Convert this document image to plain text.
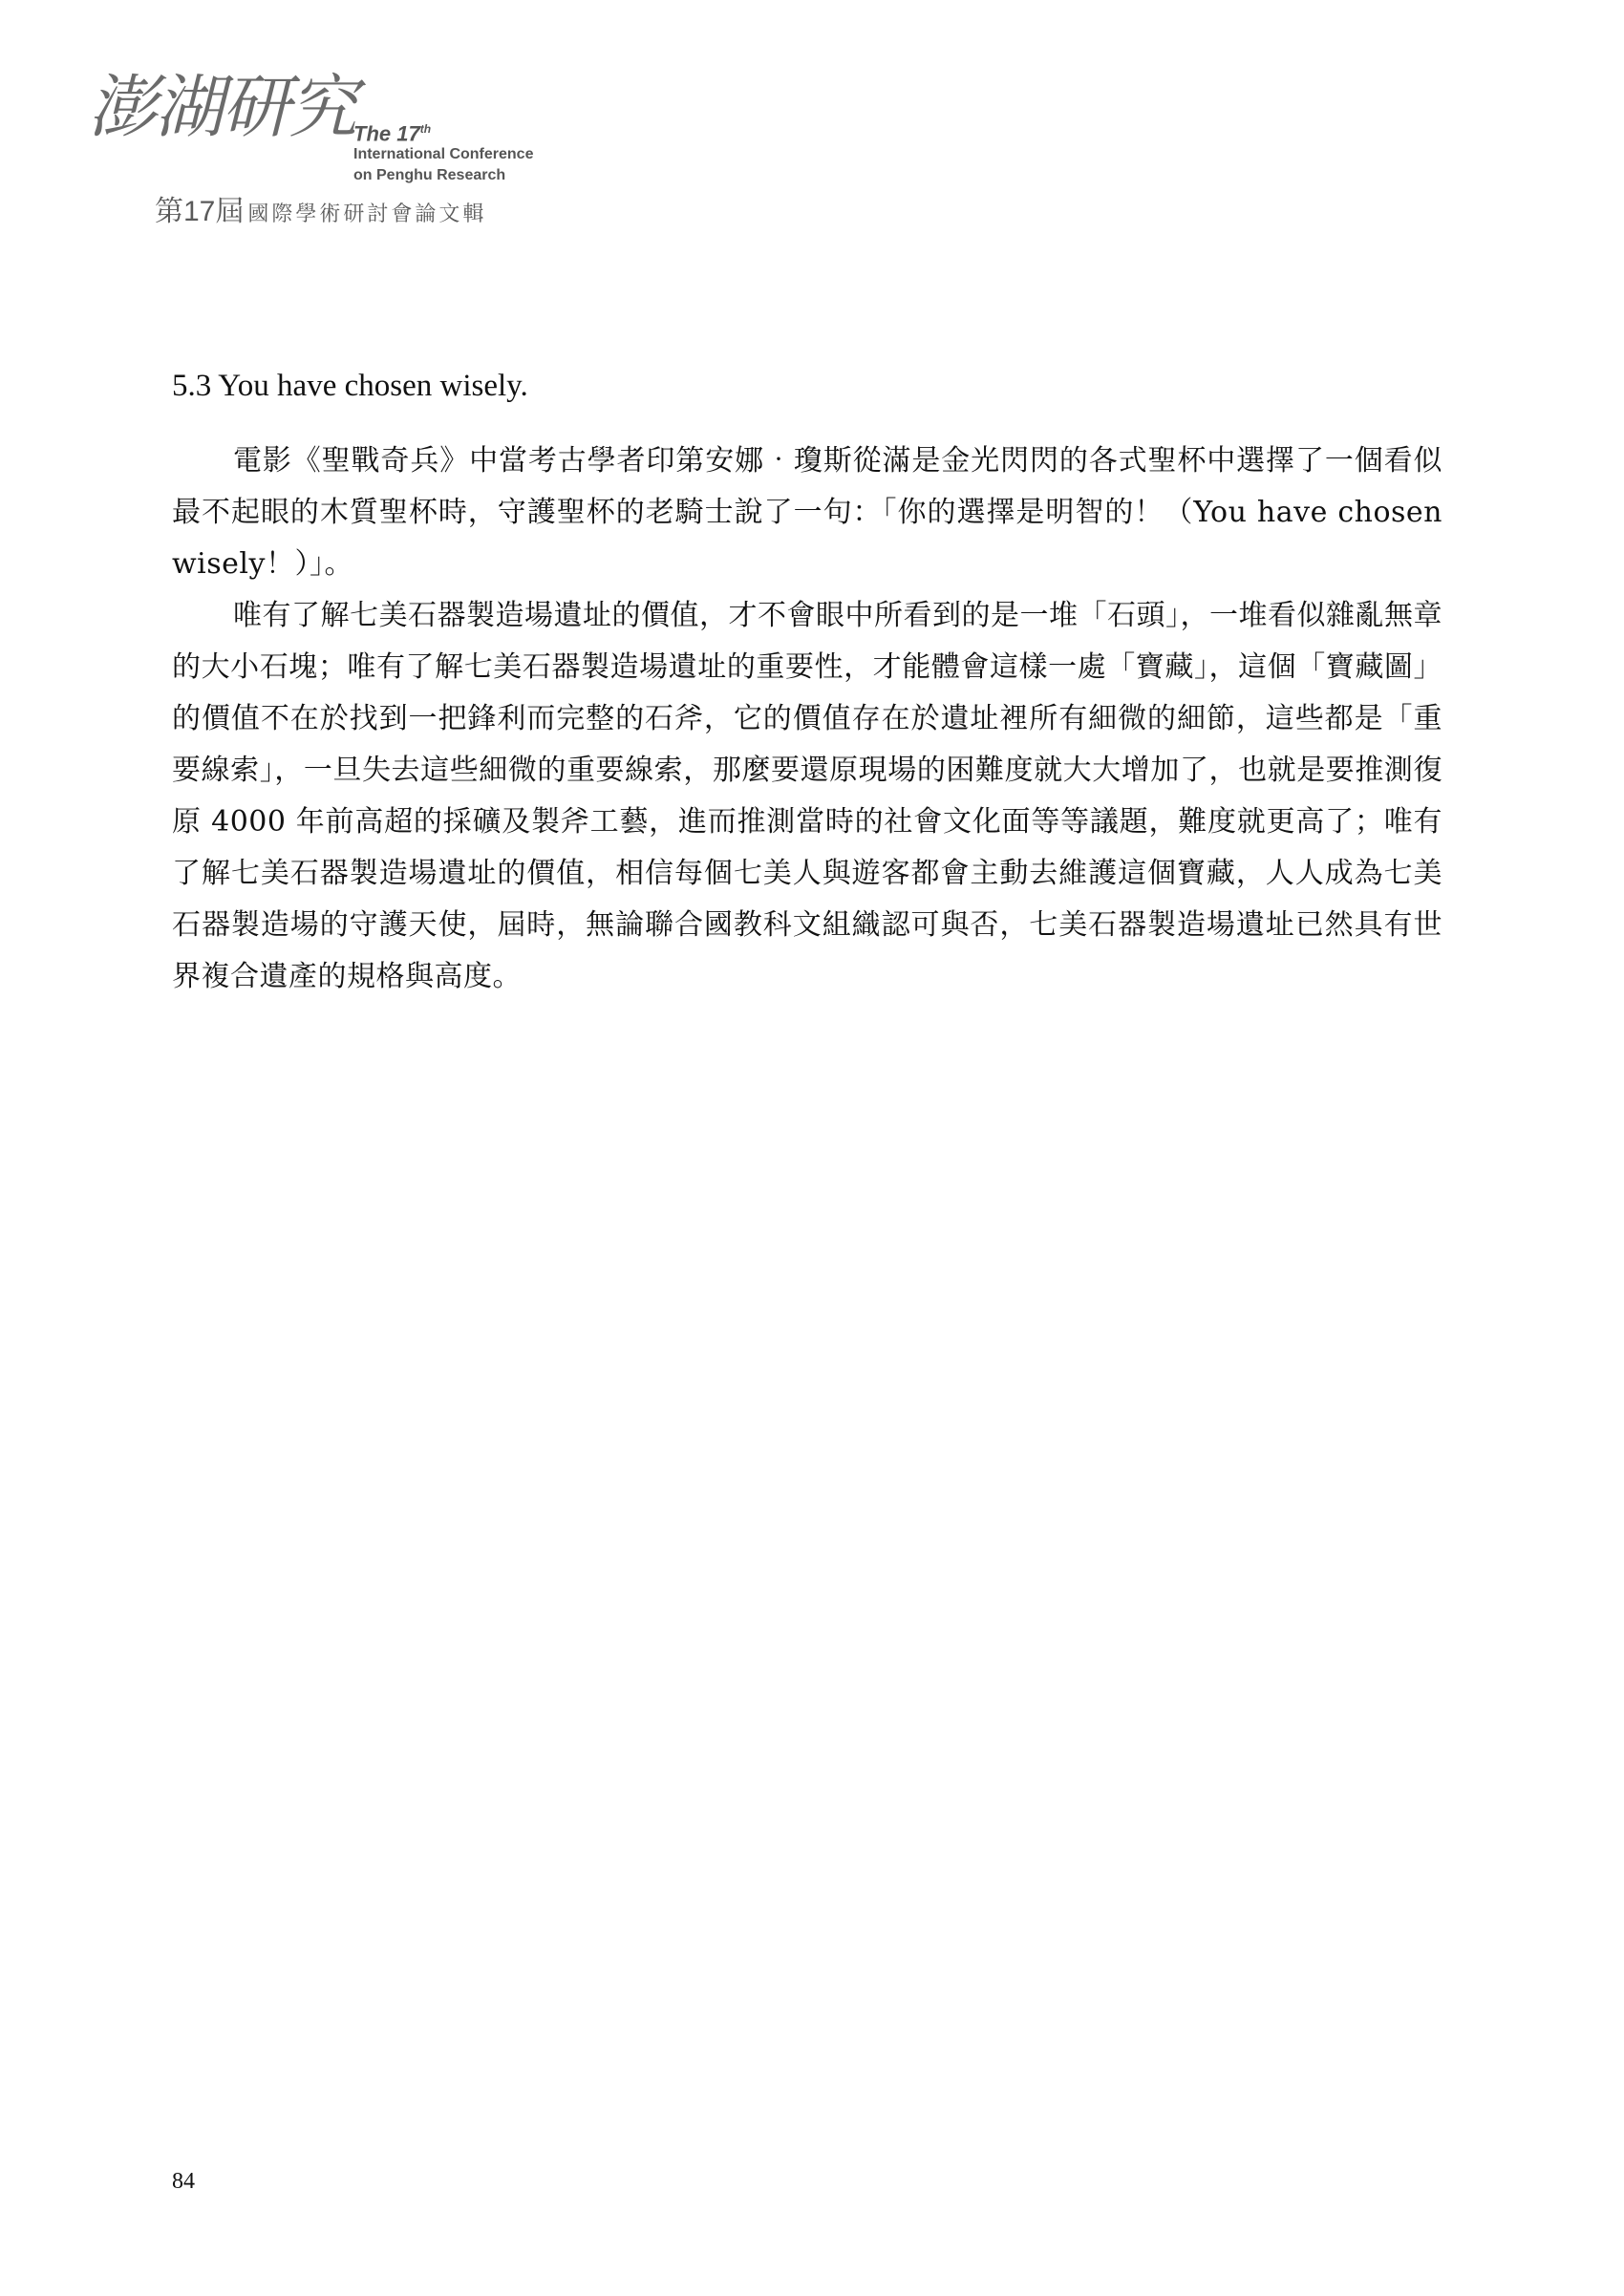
澎湖研究
The 17th
International Conference
on Penghu Research
第17屆 國際學術研討會論文輯
5.3 You have chosen wisely.

電影《聖戰奇兵》中當考古學者印第安娜‧瓊斯從滿是金光閃閃的各式聖杯中選擇了一個看似最不起眼的木質聖杯時，守護聖杯的老騎士說了一句：「你的選擇是明智的！（You have chosen wisely！）」。

唯有了解七美石器製造場遺址的價值，才不會眼中所看到的是一堆「石頭」，一堆看似雜亂無章的大小石塊；唯有了解七美石器製造場遺址的重要性，才能體會這樣一處「寶藏」，這個「寶藏圖」的價值不在於找到一把鋒利而完整的石斧，它的價值存在於遺址裡所有細微的細節，這些都是「重要線索」，一旦失去這些細微的重要線索，那麼要還原現場的困難度就大大增加了，也就是要推測復原 4000 年前高超的採礦及製斧工藝，進而推測當時的社會文化面等等議題，難度就更高了；唯有了解七美石器製造場遺址的價值，相信每個七美人與遊客都會主動去維護這個寶藏，人人成為七美石器製造場的守護天使，屆時，無論聯合國教科文組織認可與否，七美石器製造場遺址已然具有世界複合遺產的規格與高度。

84
